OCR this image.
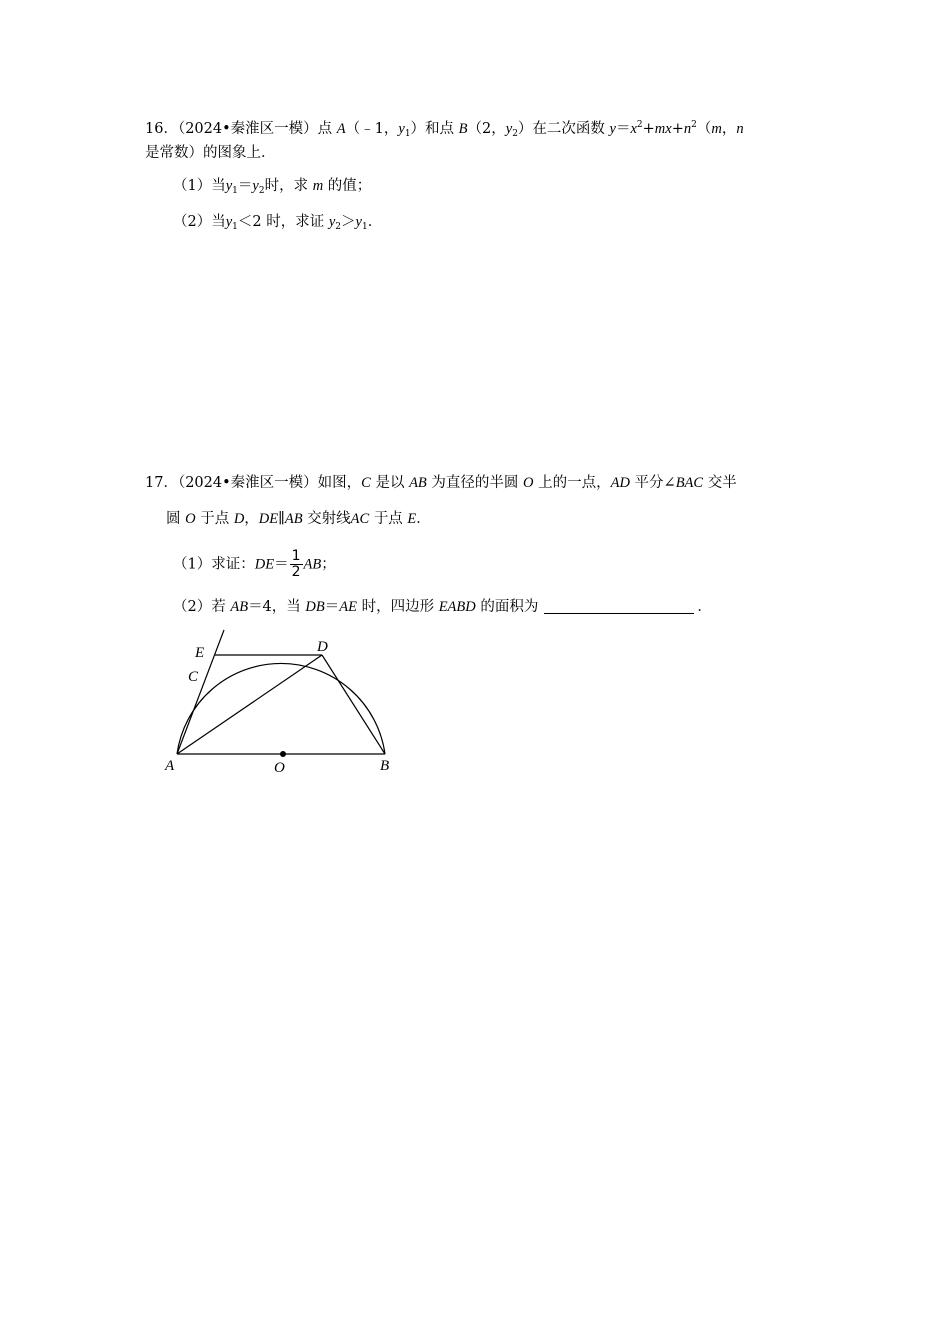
16．（2024•秦淮区一模）点 A（﹣1，$y_1$）和点 B（2，$y_2$）在二次函数 $y=x^2+mx+n^2(m$，n
是常数）的图象上．
（1）当$y_1=y_2$时，求 m 的值；
（2）当$y_1<2$ 时，求证 $y_2>y_1$．
17．（2024•秦淮区一模）如图，C 是以 AB 为直径的半圆 O 上的一点，AD 平分∠BAC 交半
圆 O 于点 D，DE∥AB 交射线AC 于点 E．
（1）求证：$DE= \frac{1}{2}$ AB；
（2）若 AB＝4，当 DB＝AE 时，四边形 EABD 的面积为	．
E
C
D
A	O	B
